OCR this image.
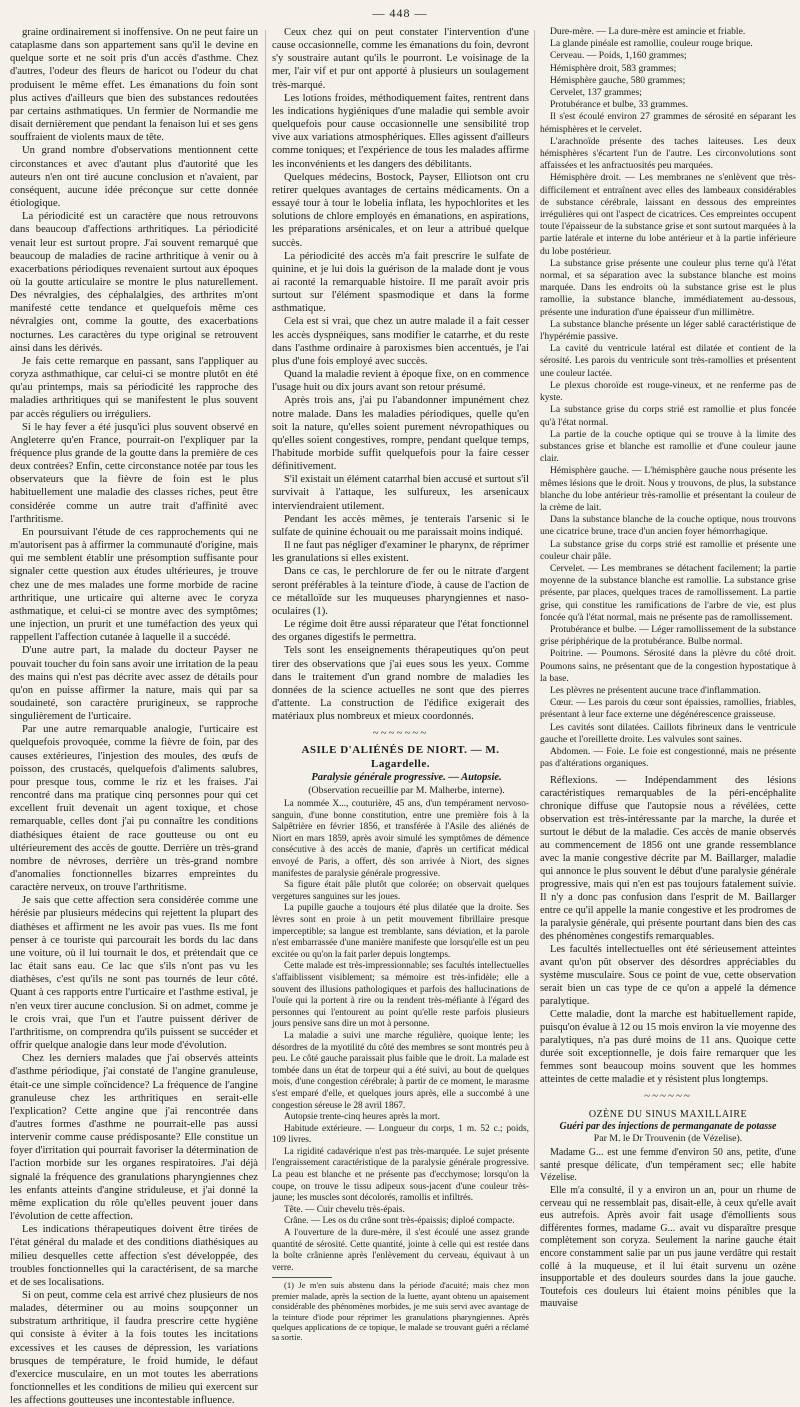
— 448 —

graine ordinairement si inoffensive. On ne peut faire un cataplasme dans son appartement sans qu'il le devine en quelque sorte et ne soit pris d'un accès d'asthme. Chez d'autres, l'odeur des fleurs de haricot ou l'odeur du chat produisent le même effet. Les émanations du foin sont plus actives d'ailleurs que bien des substances redoutées par certains asthmatiques. Un fermier de Normandie me disait dernièrement que pendant la fenaison lui et ses gens souffraient de violents maux de tête.

Un grand nombre d'observations mentionnent cette circonstances et avec d'autant plus d'autorité que les auteurs n'en ont tiré aucune conclusion et n'avaient, par conséquent, aucune idée préconçue sur cette donnée étiologique.

La périodicité est un caractère que nous retrouvons dans beaucoup d'affections arthritiques. La périodicité venait leur est surtout propre. J'ai souvent remarqué que beaucoup de maladies de racine arthritique à venir ou à exacerbations périodiques revenaient surtout aux époques où la goutte articulaire se montre le plus naturellement. Des névralgies, des céphalalgies, des arthrites m'ont manifesté cette tendance et quelquefois même ces névralgies ont, comme la goutte, des exacerbations nocturnes. Les caractères du type original se retrouvent ainsi dans les dérivés.

Je fais cette remarque en passant, sans l'appliquer au coryza asthmathique, car celui-ci se montre plutôt en été qu'au printemps, mais sa périodicité les rapproche des maladies arthritiques qui se manifestent le plus souvent par accès réguliers ou irréguliers.

Si le hay fever a été jusqu'ici plus souvent observé en Angleterre qu'en France, pourrait-on l'expliquer par la fréquence plus grande de la goutte dans la première de ces deux contrées? Enfin, cette circonstance notée par tous les observateurs que la fièvre de foin est le plus habituellement une maladie des classes riches, peut être considérée comme un autre trait d'affinité avec l'arthritisme.

En poursuivant l'étude de ces rapprochements qui ne m'autorisent pas à affirmer la communauté d'origine, mais qui me semblent établir une présomption suffisante pour signaler cette question aux études ultérieures, je trouve chez une de mes malades une forme morbide de racine arthritique, une urticaire qui alterne avec le coryza asthmatique, et celui-ci se montre avec des symptômes; une injection, un prurit et une tuméfaction des yeux qui rappellent l'affection cutanée à laquelle il a succédé.

D'une autre part, la malade du docteur Payser ne pouvait toucher du foin sans avoir une irritation de la peau des mains qui n'est pas décrite avec assez de détails pour qu'on en puisse affirmer la nature, mais qui par sa soudaineté, son caractère prurigineux, se rapproche singulièrement de l'urticaire.

Par une autre remarquable analogie, l'urticaire est quelquefois provoquée, comme la fièvre de foin, par des causes extérieures, l'injestion des moules, des œufs de poisson, des crustacés, quelquefois d'aliments salubres, pour presque tous, comme le riz et les fraises. J'ai rencontré dans ma pratique cinq personnes pour qui cet excellent fruit devenait un agent toxique, et chose remarquable, celles dont j'ai pu connaître les conditions diathésiques étaient de race goutteuse ou ont eu ultérieurement des accès de goutte. Derrière un très-grand nombre de névroses, derrière un très-grand nombre d'anomalies fonctionnelles bizarres empreintes du caractère nerveux, on trouve l'arthritisme.

Je sais que cette affection sera considérée comme une hérésie par plusieurs médecins qui rejettent la plupart des diathèses et affirment ne les avoir pas vues. Ils me font penser à ce touriste qui parcourait les bords du lac dans une voiture, où il lui tournait le dos, et prétendait que ce lac était sans eau. Ce lac que s'ils n'ont pas vu les diathèses, c'est qu'ils ne sont pas tournés de leur côté. Quant à ces rapports entre l'urticaire et l'asthme estival, je n'en veux tirer aucune conclusion. Si on admet, comme je le crois vrai, que l'un et l'autre puissent dériver de l'arthritisme, on comprendra qu'ils puissent se succéder et offrir quelque analogie dans leur mode d'évolution.

Chez les derniers malades que j'ai observés atteints d'asthme périodique, j'ai constaté de l'angine granuleuse, était-ce une simple coïncidence? La fréquence de l'angine granuleuse chez les arthritiques en serait-elle l'explication? Cette angine que j'ai rencontrée dans d'autres formes d'asthme ne pourrait-elle pas aussi intervenir comme cause prédisposante? Elle constitue un foyer d'irritation qui pourrait favoriser la détermination de l'action morbide sur les organes respiratoires. J'ai déjà signalé la fréquence des granulations pharyngiennes chez les enfants atteints d'angine striduleuse, et j'ai donné la même explication du rôle qu'elles peuvent jouer dans l'évolution de cette affection.

Les indications thérapeutiques doivent être tirées de l'état général du malade et des conditions diathésiques au milieu desquelles cette affection s'est développée, des troubles fonctionnelles qui la caractérisent, de sa marche et de ses localisations.

Si on peut, comme cela est arrivé chez plusieurs de nos malades, déterminer ou au moins soupçonner un substratum arthritique, il faudra prescrire cette hygiène qui consiste à éviter à la fois toutes les incitations excessives et les causes de dépression, les variations brusques de température, le froid humide, le défaut d'exercice musculaire, en un mot toutes les aberrations fonctionnelles et les conditions de milieu qui exercent sur les affections goutteuses une incontestable influence.

Ceux chez qui on peut constater l'intervention d'une cause occasionnelle, comme les émanations du foin, devront s'y soustraire autant qu'ils le pourront. Le voisinage de la mer, l'air vif et pur ont apporté à plusieurs un soulagement très-marqué.

Les lotions froides, méthodiquement faites, rentrent dans les indications hygiéniques d'une maladie qui semble avoir quelquefois pour cause occasionnelle une sensibilité trop vive aux variations atmosphériques. Elles agissent d'ailleurs comme toniques; et l'expérience de tous les malades affirme les inconvénients et les dangers des débilitants.

Quelques médecins, Bostock, Payser, Elliotson ont cru retirer quelques avantages de certains médicaments. On a essayé tour à tour le lobelia inflata, les hypochlorites et les solutions de chlore employés en émanations, en aspirations, les préparations arsénicales, et on leur a attribué quelque succès.

La périodicité des accès m'a fait prescrire le sulfate de quinine, et je lui dois la guérison de la malade dont je vous ai raconté la remarquable histoire. Il me paraît avoir pris surtout sur l'élément spasmodique et dans la forme asthmatique.

Cela est si vrai, que chez un autre malade il a fait cesser les accès dyspnéiques, sans modifier le catarrhe, et du reste dans l'asthme ordinaire à paroxismes bien accentués, je l'ai plus d'une fois employé avec succès.

Quand la maladie revient à époque fixe, on en commence l'usage huit ou dix jours avant son retour présumé.

Après trois ans, j'ai pu l'abandonner impunément chez notre malade. Dans les maladies périodiques, quelle qu'en soit la nature, qu'elles soient purement névropathiques ou qu'elles soient congestives, rompre, pendant quelque temps, l'habitude morbide suffit quelquefois pour la faire cesser définitivement.

S'il existait un élément catarrhal bien accusé et surtout s'il survivait à l'attaque, les sulfureux, les arsenicaux interviendraient utilement.

Pendant les accès mêmes, je tenterais l'arsenic si le sulfate de quinine échouait ou me paraissait moins indiqué.

Il ne faut pas négliger d'examiner le pharynx, de réprimer les granulations si elles existent.

Dans ce cas, le perchlorure de fer ou le nitrate d'argent seront préférables à la teinture d'iode, à cause de l'action de ce métalloïde sur les muqueuses pharyngiennes et naso-oculaires (1).

Le régime doit être aussi réparateur que l'état fonctionnel des organes digestifs le permettra.

Tels sont les enseignements thérapeutiques qu'on peut tirer des observations que j'ai eues sous les yeux. Comme dans le traitement d'un grand nombre de maladies les données de la science actuelles ne sont que des pierres d'attente. La construction de l'édifice exigerait des matériaux plus nombreux et mieux coordonnés.

~~~~~~~

ASILE D'ALIÉNÉS DE NIORT. — M. Lagardelle.

Paralysie générale progressive. — Autopsie.

(Observation recueillie par M. Malherbe, interne).

La nommée X..., couturière, 45 ans, d'un tempérament nervoso-sanguin, d'une bonne constitution, entre une première fois à la Salpêtrière en février 1856, et transférée à l'Asile des aliénés de Niort en mars 1859, après avoir simulé les symptômes de démence consécutive à des accès de manie, d'après un certificat médical envoyé de Paris, a offert, dès son arrivée à Niort, des signes manifestes de paralysie générale progressive.

Sa figure était pâle plutôt que colorée; on observait quelques vergetures sanguines sur les joues.

La pupille gauche a toujours été plus dilatée que la droite. Ses lèvres sont en proie à un petit mouvement fibrillaire presque imperceptible; sa langue est tremblante, sans déviation, et la parole n'est embarrassée d'une manière manifeste que lorsqu'elle est un peu excitée ou qu'on la fait parler depuis longtemps.

Cette malade est très-impressionnable; ses facultés intellectuelles s'affaiblissent visiblement; sa mémoire est très-infidèle; elle a souvent des illusions pathologiques et parfois des hallucinations de l'ouïe qui la portent à rire ou la rendent très-méfiante à l'égard des personnes qui l'entourent au point qu'elle reste parfois plusieurs jours pensive sans dire un mot à personne.

La maladie a suivi une marche régulière, quoique lente; les désordres de la myotilité du côté des membres se sont montrés peu à peu. Le côté gauche paraissait plus faible que le droit. La malade est tombée dans un état de torpeur qui a été suivi, au bout de quelques mois, d'une congestion cérébrale; à partir de ce moment, le marasme s'est emparé d'elle, et quelques jours après, elle a succombé à une congestion séreuse le 28 avril 1867.

Autopsie trente-cinq heures après la mort.

Habitude extérieure. — Longueur du corps, 1 m. 52 c.; poids, 109 livres.

La rigidité cadavérique n'est pas très-marquée. Le sujet présente l'engraissement caractéristique de la paralysie générale progressive. La peau est blanche et ne présente pas d'ecchymose; lorsqu'on la coupe, on trouve le tissu adipeux sous-jacent d'une couleur très-jaune; les muscles sont décolorés, ramollis et infiltrés.

Tête. — Cuir chevelu très-épais.

Crâne. — Les os du crâne sont très-épaissis; diploé compacte.

A l'ouverture de la dure-mère, il s'est écoulé une assez grande quantité de sérosité. Cette quantité, jointe à celle qui est restée dans la boîte crânienne après l'enlèvement du cerveau, équivaut à un verre.

(1) Je m'en suis abstenu dans la période d'acuité; mais chez mon premier malade, après la section de la luette, ayant obtenu un apaisement considérable des phénomènes morbides, je me suis servi avec avantage de la teinture d'iode pour réprimer les granulations pharyngiennes. Après quelques applications de ce topique, le malade se trouvant guéri a réclamé sa sortie.

Dure-mère. — La dure-mère est amincie et friable.

La glande pinéale est ramollie, couleur rouge brique.

Cerveau. — Poids, 1,160 grammes;

Hémisphère droit, 583 grammes;

Hémisphère gauche, 580 grammes;

Cervelet, 137 grammes;

Protubérance et bulbe, 33 grammes.

Il s'est écoulé environ 27 grammes de sérosité en séparant les hémisphères et le cervelet.

L'arachnoïde présente des taches laiteuses. Les deux hémisphères s'écartent l'un de l'autre. Les circonvolutions sont affaissées et les anfractuosités peu marquées.

Hémisphère droit. — Les membranes ne s'enlèvent que très-difficilement et entraînent avec elles des lambeaux considérables de substance cérébrale, laissant en dessous des empreintes irrégulières qui ont l'aspect de cicatrices. Ces empreintes occupent toute l'épaisseur de la substance grise et sont surtout marquées à la partie latérale et interne du lobe antérieur et à la partie inférieure du lobe postérieur.

La substance grise présente une couleur plus terne qu'à l'état normal, et sa séparation avec la substance blanche est moins marquée. Dans les endroits où la substance grise est le plus ramollie, la substance blanche, immédiatement au-dessous, présente une induration d'une épaisseur d'un millimètre.

La substance blanche présente un léger sablé caractéristique de l'hypérémie passive.

La cavité du ventricule latéral est dilatée et contient de la sérosité. Les parois du ventricule sont très-ramollies et présentent une couleur lactée.

Le plexus choroïde est rouge-vineux, et ne renferme pas de kyste.

La substance grise du corps strié est ramollie et plus foncée qu'à l'état normal.

La partie de la couche optique qui se trouve à la limite des substances grise et blanche est ramollie et d'une couleur jaune clair.

Hémisphère gauche. — L'hémisphère gauche nous présente les mêmes lésions que le droit. Nous y trouvons, de plus, la substance blanche du lobe antérieur très-ramollie et présentant la couleur de la crème de lait.

Dans la substance blanche de la couche optique, nous trouvons une cicatrice brune, trace d'un ancien foyer hémorrhagique.

La substance grise du corps strié est ramollie et présente une couleur chair pâle.

Cervelet. — Les membranes se détachent facilement; la partie moyenne de la substance blanche est ramollie. La substance grise présente, par places, quelques traces de ramollissement. La partie grise, qui constitue les ramifications de l'arbre de vie, est plus foncée qu'à l'état normal, mais ne présente pas de ramollissement.

Protubérance et bulbe. — Léger ramollissement de la substance grise périphérique de la protubérance. Bulbe normal.

Poitrine. — Poumons. Sérosité dans la plèvre du côté droit. Poumons sains, ne présentant que de la congestion hypostatique à la base.

Les plèvres ne présentent aucune trace d'inflammation.

Cœur. — Les parois du cœur sont épaissies, ramollies, friables, présentant à leur face externe une dégénérescence graisseuse.

Les cavités sont dilatées. Caillots fibrineux dans le ventricule gauche et l'oreillette droite. Les valvules sont saines.

Abdomen. — Foie. Le foie est congestionné, mais ne présente pas d'altérations organiques.

Réflexions. — Indépendamment des lésions caractéristiques remarquables de la péri-encéphalite chronique diffuse que l'autopsie nous a révélées, cette observation est très-intéressante par la marche, la durée et surtout le début de la maladie. Ces accès de manie observés au commencement de 1856 ont une grande ressemblance avec la manie congestive décrite par M. Baillarger, maladie qui annonce le plus souvent le début d'une paralysie générale progressive, mais qui n'en est pas toujours fatalement suivie. Il n'y a donc pas confusion dans l'esprit de M. Baillarger entre ce qu'il appelle la manie congestive et les prodromes de la paralysie générale, qui présente pourtant dans bien des cas des phénomènes congestifs remarquables.

Les facultés intellectuelles ont été sérieusement atteintes avant qu'on pût observer des désordres appréciables du système musculaire. Sous ce point de vue, cette observation serait bien un cas type de ce qu'on a appelé la démence paralytique.

Cette maladie, dont la marche est habituellement rapide, puisqu'on évalue à 12 ou 15 mois environ la vie moyenne des paralytiques, n'a pas duré moins de 11 ans. Quoique cette durée soit exceptionnelle, je dois faire remarquer que les femmes sont beaucoup moins souvent que les hommes atteintes de cette maladie et y résistent plus longtemps.

~~~~~~

OZÈNE DU SINUS MAXILLAIRE

Guéri par des injections de permanganate de potasse

Par M. le Dr Trouvenin (de Vézelise).

Madame G... est une femme d'environ 50 ans, petite, d'une santé presque délicate, d'un tempérament sec; elle habite Vézelise.

Elle m'a consulté, il y a environ un an, pour un rhume de cerveau qui ne ressemblait pas, disait-elle, à ceux qu'elle avait eus autrefois. Après avoir fait usage d'émollients sous différentes formes, madame G... avait vu disparaître presque complètement son coryza. Seulement la narine gauche était encore constamment salie par un pus jaune verdâtre qui restait collé à la muqueuse, et il lui était survenu un ozène insupportable et des douleurs sourdes dans la joue gauche. Toutefois ces douleurs lui étaient moins pénibles que la mauvaise
